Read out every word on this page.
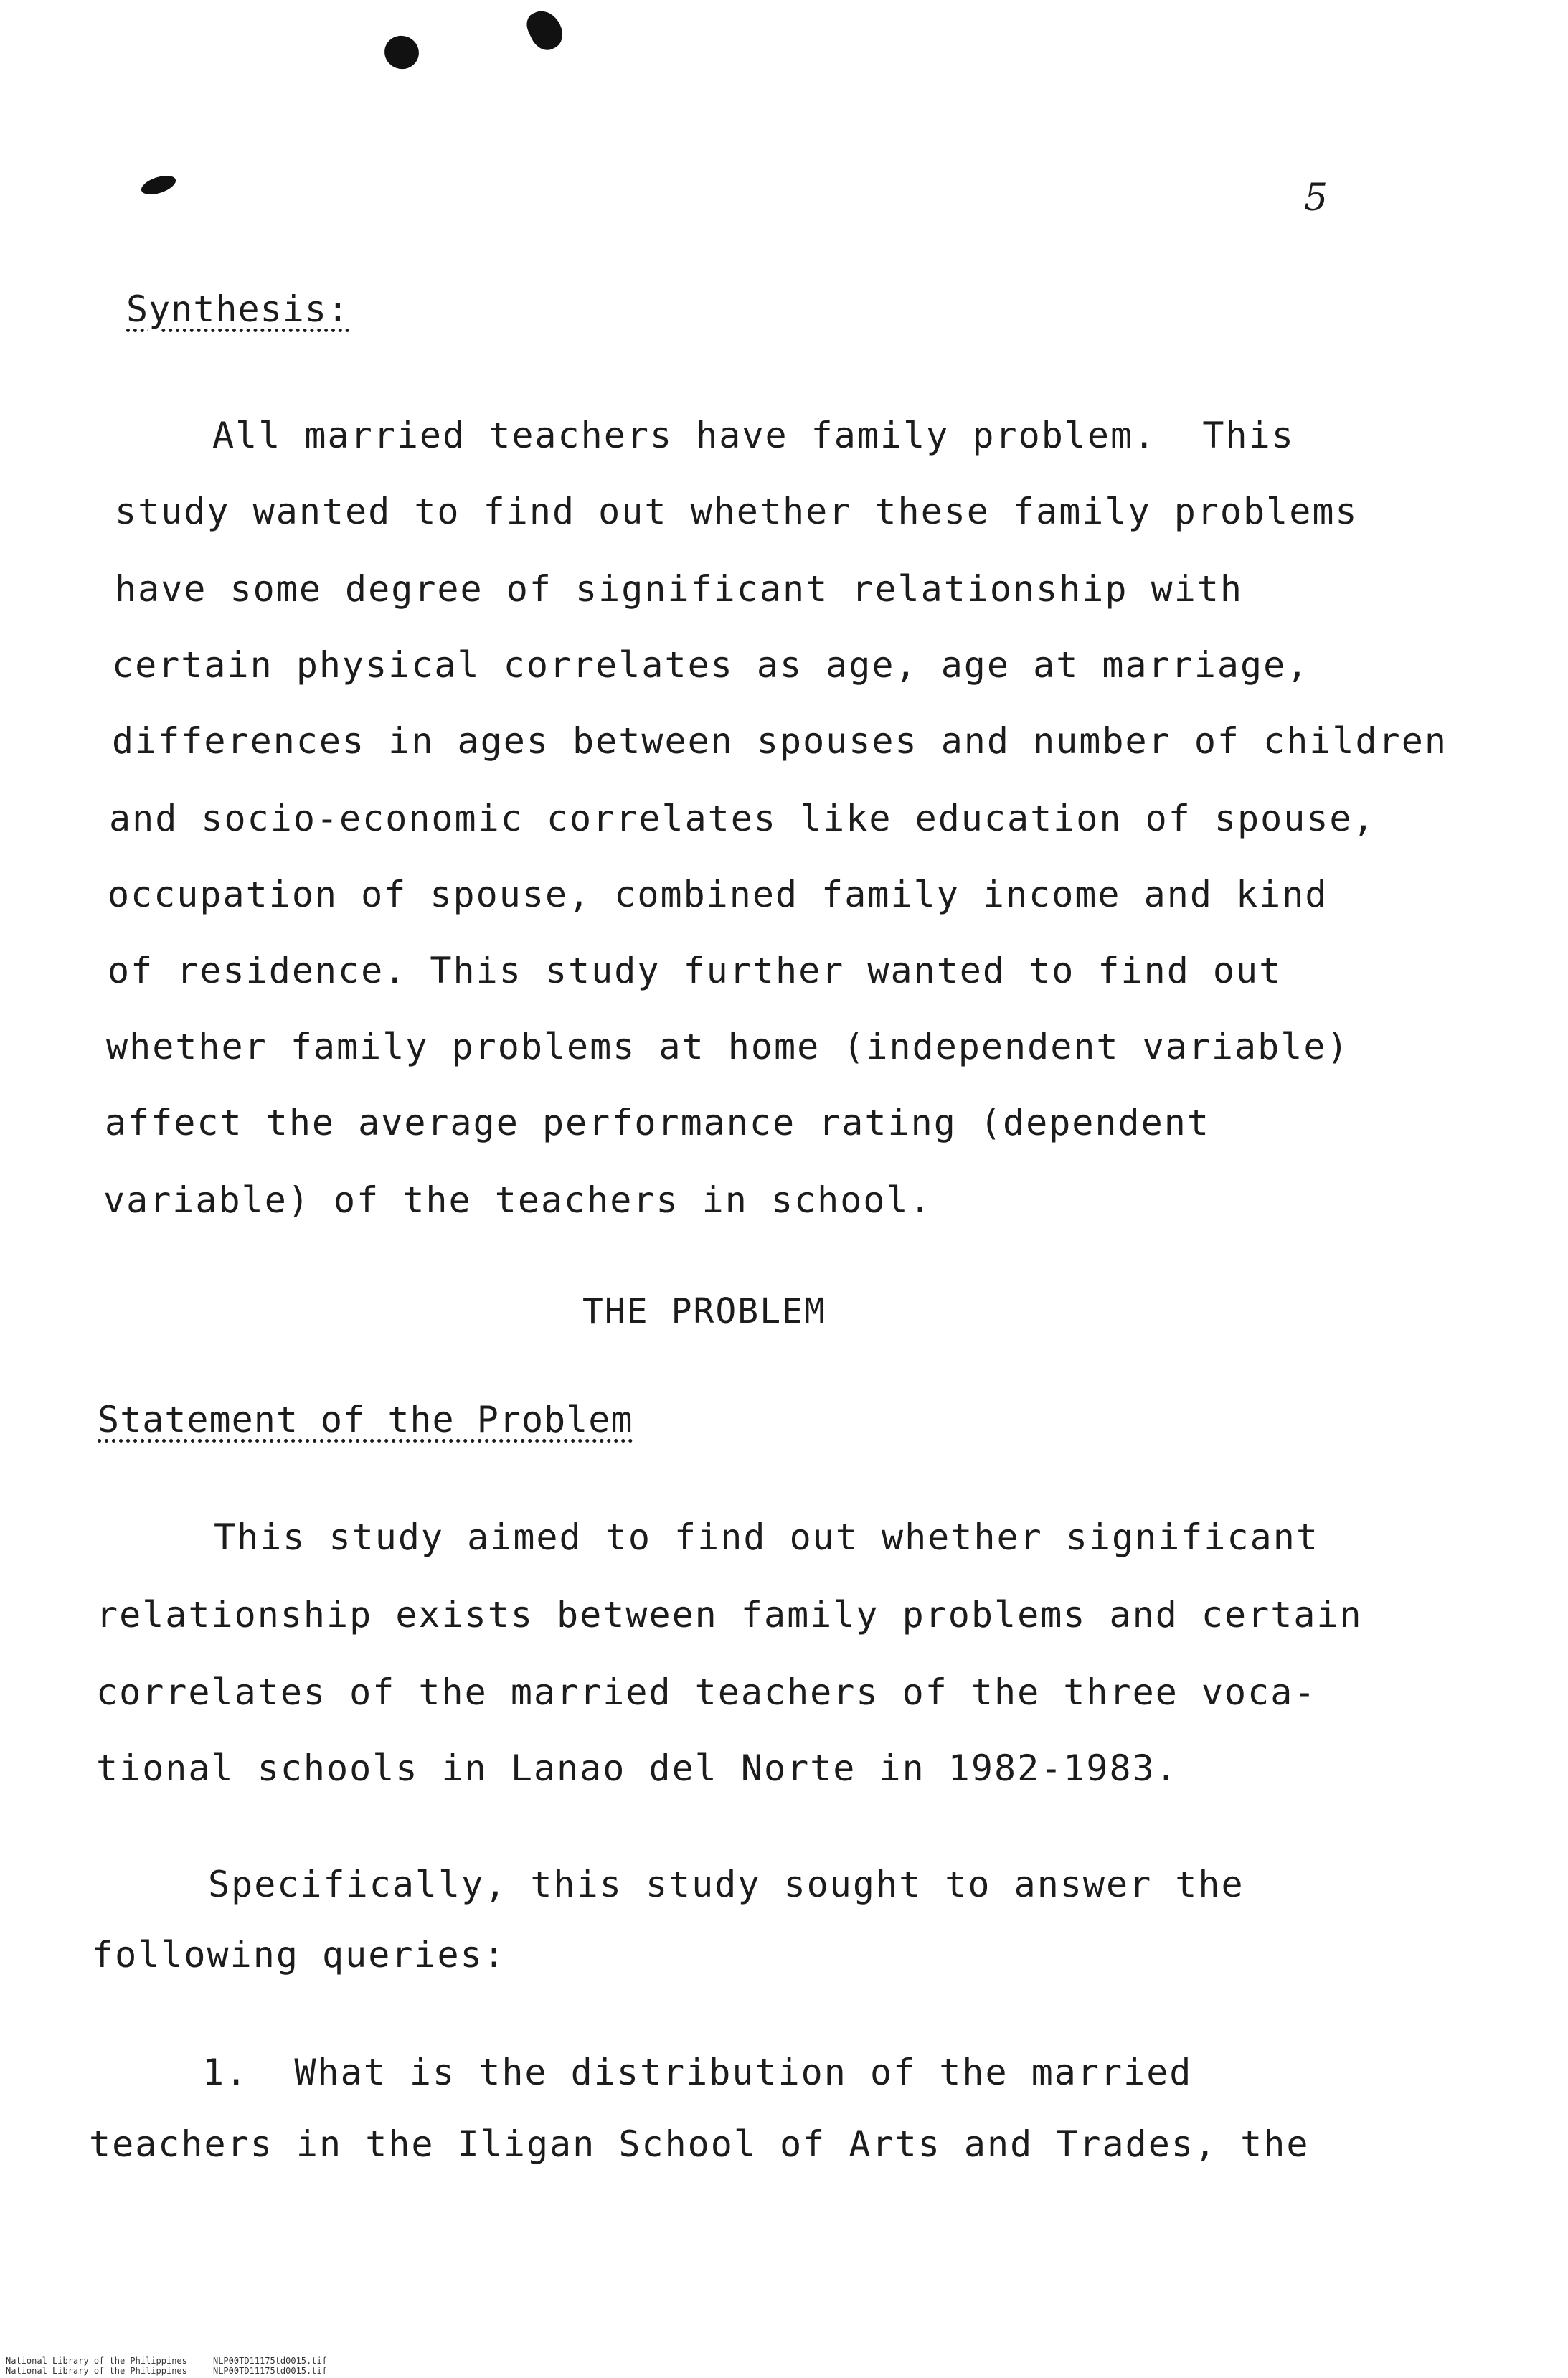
5
Synthesis:
All married teachers have family problem.  This
study wanted to find out whether these family problems
have some degree of significant relationship with
certain physical correlates as age, age at marriage,
differences in ages between spouses and number of children
and socio-economic correlates like education of spouse,
occupation of spouse, combined family income and kind
of residence. This study further wanted to find out
whether family problems at home (independent variable)
affect the average performance rating (dependent
variable) of the teachers in school.
THE PROBLEM
Statement of the Problem
This study aimed to find out whether significant
relationship exists between family problems and certain
correlates of the married teachers of the three voca-
tional schools in Lanao del Norte in 1982-1983.
Specifically, this study sought to answer the
following queries:
1.  What is the distribution of the married
teachers in the Iligan School of Arts and Trades, the
National Library of the Philippines     NLP00TD11175td0015.tif
National Library of the Philippines     NLP00TD11175td0015.tif
